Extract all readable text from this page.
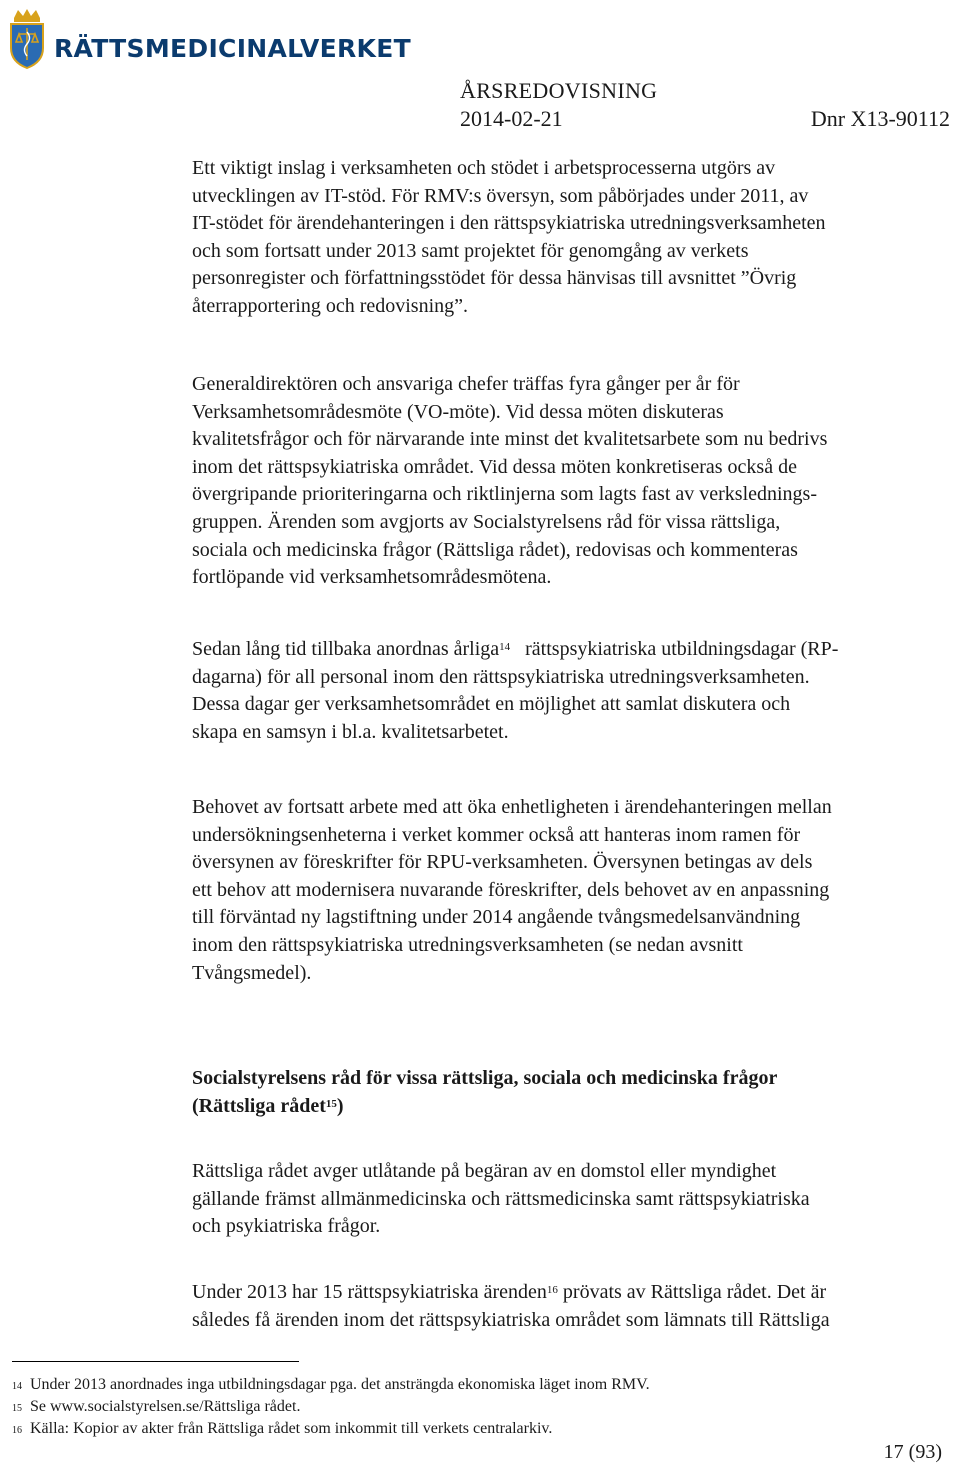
RÄTTSMEDICINALVERKET
ÅRSREDOVISNING
2014-02-21	Dnr X13-90112
Ett viktigt inslag i verksamheten och stödet i arbetsprocesserna utgörs av
utvecklingen av IT-stöd. För RMV:s översyn, som påbörjades under 2011, av
IT-stödet för ärendehanteringen i den rättspsykiatriska utredningsverksamheten
och som fortsatt under 2013 samt projektet för genomgång av verkets
personregister och författningsstödet för dessa hänvisas till avsnittet ”Övrig
återrapportering och redovisning”.
Generaldirektören och ansvariga chefer träffas fyra gånger per år för
Verksamhetsområdesmöte (VO-möte). Vid dessa möten diskuteras
kvalitetsfrågor och för närvarande inte minst det kvalitetsarbete som nu bedrivs
inom det rättspsykiatriska området. Vid dessa möten konkretiseras också de
övergripande prioriteringarna och riktlinjerna som lagts fast av verkslednings-
gruppen. Ärenden som avgjorts av Socialstyrelsens råd för vissa rättsliga,
sociala och medicinska frågor (Rättsliga rådet), redovisas och kommenteras
fortlöpande vid verksamhetsområdesmötena.
Sedan lång tid tillbaka anordnas årliga$^{14}$ rättspsykiatriska utbildningsdagar (RP-
dagarna) för all personal inom den rättspsykiatriska utredningsverksamheten.
Dessa dagar ger verksamhetsområdet en möjlighet att samlat diskutera och
skapa en samsyn i bl.a. kvalitetsarbetet.
Behovet av fortsatt arbete med att öka enhetligheten i ärendehanteringen mellan
undersökningsenheterna i verket kommer också att hanteras inom ramen för
översynen av föreskrifter för RPU-verksamheten. Översynen betingas av dels
ett behov att modernisera nuvarande föreskrifter, dels behovet av en anpassning
till förväntad ny lagstiftning under 2014 angående tvångsmedelsanvändning
inom den rättspsykiatriska utredningsverksamheten (se nedan avsnitt
Tvångsmedel).
Socialstyrelsens råd för vissa rättsliga, sociala och medicinska frågor
(Rättsliga rådet$^{15}$)
Rättsliga rådet avger utlåtande på begäran av en domstol eller myndighet
gällande främst allmänmedicinska och rättsmedicinska samt rättspsykiatriska
och psykiatriska frågor.
Under 2013 har 15 rättspsykiatriska ärenden$^{16}$ prövats av Rättsliga rådet. Det är
således få ärenden inom det rättspsykiatriska området som lämnats till Rättsliga
14 Under 2013 anordnades inga utbildningsdagar pga. det ansträngda ekonomiska läget inom RMV.
15 Se www.socialstyrelsen.se/Rättsliga rådet.
16 Källa: Kopior av akter från Rättsliga rådet som inkommit till verkets centralarkiv.
17 (93)
